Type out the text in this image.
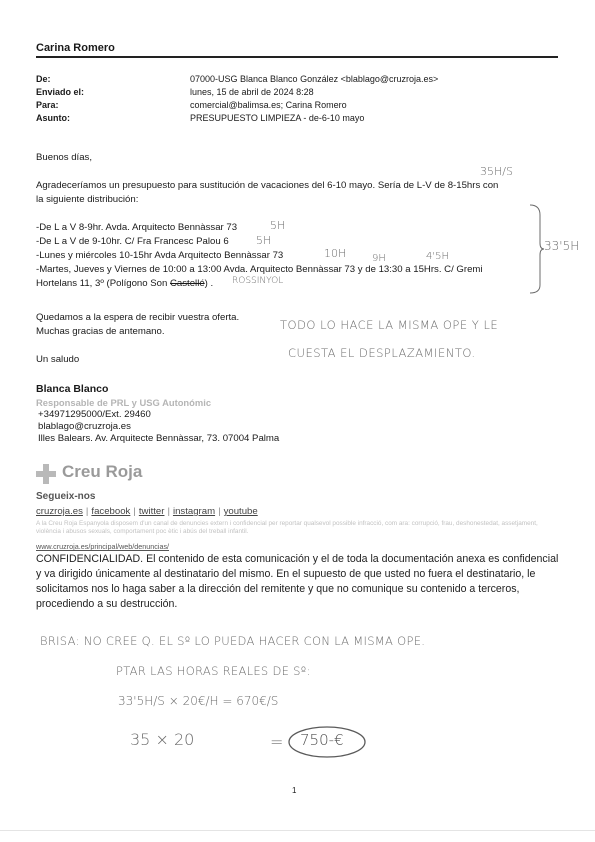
Carina Romero
De:	07000-USG Blanca Blanco González <blablago@cruzroja.es>
Enviado el:	lunes, 15 de abril de 2024 8:28
Para:	comercial@balimsa.es; Carina Romero
Asunto:	PRESUPUESTO LIMPIEZA - de-6-10 mayo
Buenos días,
35H/S
Agradeceríamos un presupuesto para sustitución de vacaciones del 6-10 mayo. Sería de L-V de 8-15hrs con
la siguiente distribución:
-De L a V 8-9hr. Avda. Arquitecto Bennàssar 73	5H
-De L a V de 9-10hr. C/ Fra Francesc Palou 6 5H
-Lunes y miércoles 10-15hr Avda Arquitecto Bennàssar 73	10H	9H	4'5H
-Martes, Jueves y Viernes de 10:00 a 13:00 Avda. Arquitecto Bennàssar 73 y de 13:30 a 15Hrs. C/ Gremi
Hortelans 11, 3º (Polígono Son Castellé) . ROSSINYOL
33'5H
Quedamos a la espera de recibir vuestra oferta.
Muchas gracias de antemano.	TODO LO HACE LA MISMA OPE Y LE
CUESTA EL DESPLAZAMIENTO.
Un saludo
Blanca Blanco
Responsable de PRL y USG Autonómic
+34971295000/Ext. 29460
blablago@cruzroja.es
Illes Balears. Av. Arquitecte Bennàssar, 73. 07004 Palma
Creu Roja
Segueix-nos
cruzroja.es | facebook | twitter | instagram | youtube
A la Creu Roja Espanyola disposem d'un canal de denuncies extern i confidencial per reportar qualsevol possible infracció, com ara: corrupció, frau, deshonestedat, assetjament, violència i abusos sexuals, comportament poc ètic i abús del treball infantil.
www.cruzroja.es/principal/web/denuncias/
CONFIDENCIALIDAD. El contenido de esta comunicación y el de toda la documentación anexa es confidencial y va dirigido únicamente al destinatario del mismo. En el supuesto de que usted no fuera el destinatario, le solicitamos nos lo haga saber a la dirección del remitente y que no comunique su contenido a terceros, procediendo a su destrucción.
BRISA: NO CREE Q. EL Sº LO PUEDA HACER CON LA MISMA OPE.
PTAR LAS HORAS REALES DE Sº:
33'5H/S × 20€/H = 670€/S
35 × 20	= 750-€
1
